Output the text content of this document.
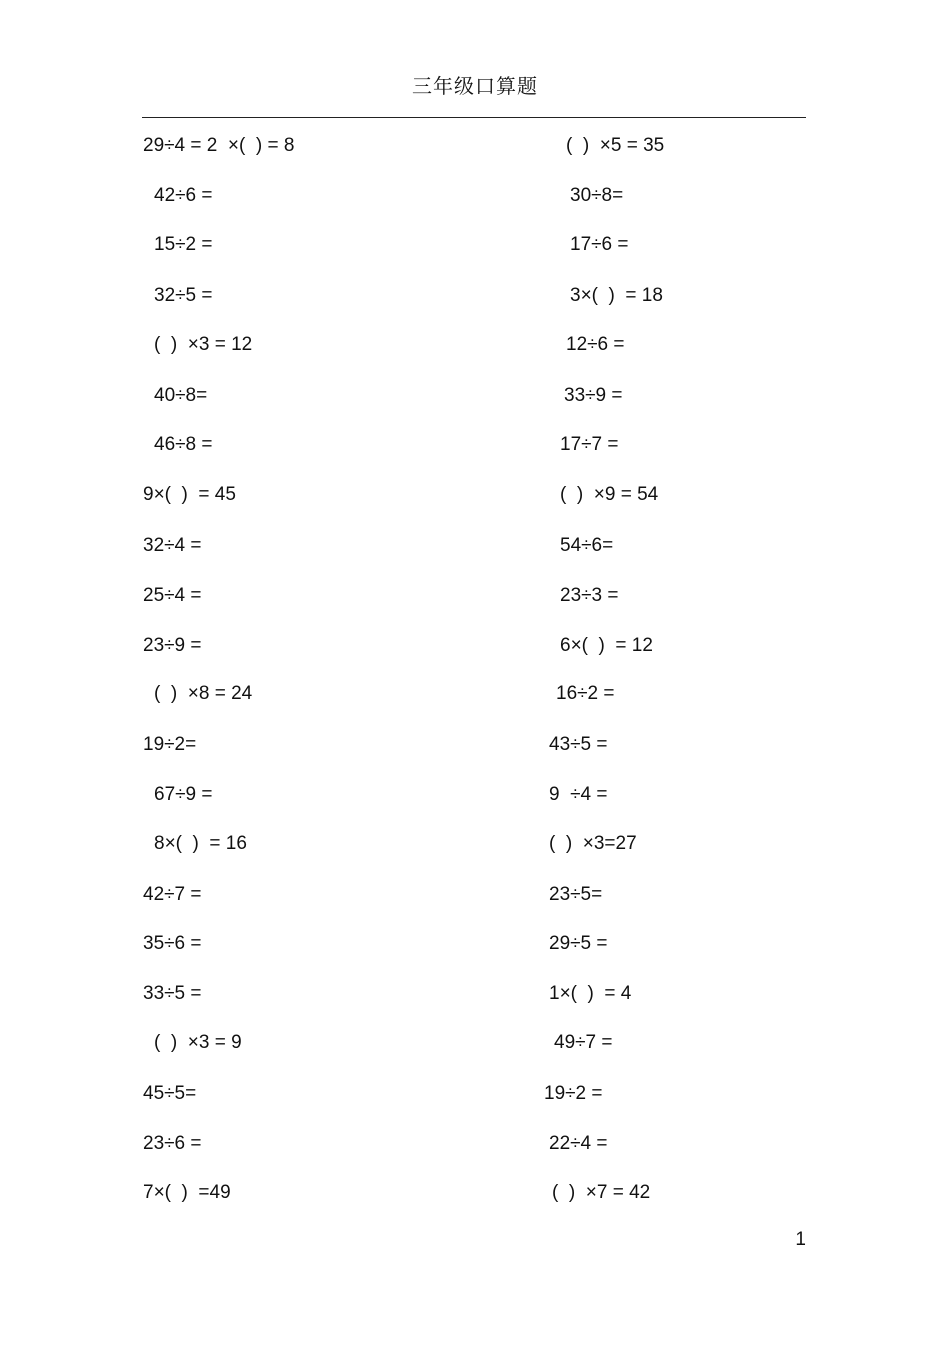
三年级口算题
29÷4 = 2  ×(  ) = 8
42÷6 =
15÷2 =
32÷5 =
(  )  ×3 = 12
40÷8=
46÷8 =
9×(  )  = 45
32÷4 =
25÷4 =
23÷9 =
(  )  ×8 = 24
19÷2=
67÷9 =
8×(  )  = 16
42÷7 =
35÷6 =
33÷5 =
(  )  ×3 = 9
45÷5=
23÷6 =
7×(  )  =49
(  )  ×5 = 35
30÷8=
17÷6 =
3×(  )  = 18
12÷6 =
33÷9 =
17÷7 =
(  )  ×9 = 54
54÷6=
23÷3 =
6×(  )  = 12
16÷2 =
43÷5 =
9  ÷4 =
(  )  ×3=27
23÷5=
29÷5 =
1×(  )  = 4
49÷7 =
19÷2 =
22÷4 =
(  )  ×7 = 42
1
